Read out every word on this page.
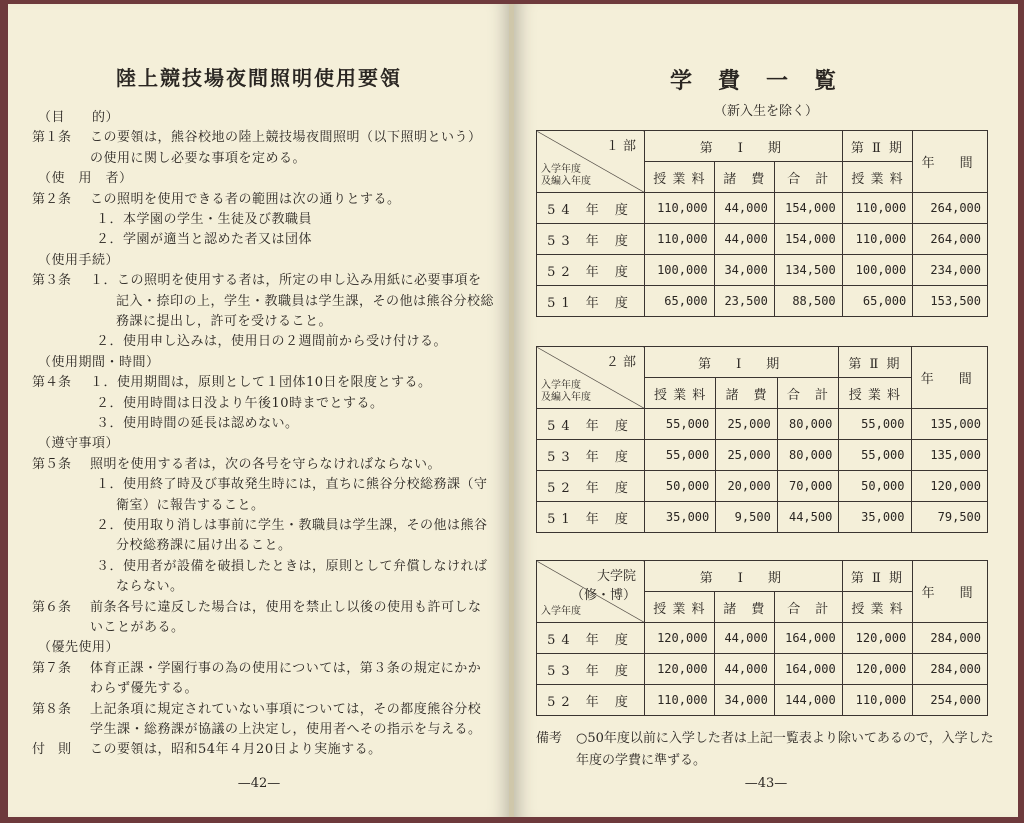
陸上競技場夜間照明使用要領
（目　　的）
第１条 この要領は，熊谷校地の陸上競技場夜間照明（以下照明という）
の使用に関し必要な事項を定める。
（使　用　者）
第２条 この照明を使用できる者の範囲は次の通りとする。
１．本学園の学生・生徒及び教職員
２．学園が適当と認めた者又は団体
（使用手続）
第３条 １．この照明を使用する者は，所定の申し込み用紙に必要事項を
記入・捺印の上，学生・教職員は学生課，その他は熊谷分校総
務課に提出し，許可を受けること。
２．使用申し込みは，使用日の２週間前から受け付ける。
（使用期間・時間）
第４条 １．使用期間は，原則として１団体10日を限度とする。
２．使用時間は日没より午後10時までとする。
３．使用時間の延長は認めない。
（遵守事項）
第５条 照明を使用する者は，次の各号を守らなければならない。
１．使用終了時及び事故発生時には，直ちに熊谷分校総務課（守
衛室）に報告すること。
２．使用取り消しは事前に学生・教職員は学生課，その他は熊谷
分校総務課に届け出ること。
３．使用者が設備を破損したときは，原則として弁償しなければ
ならない。
第６条 前条各号に違反した場合は，使用を禁止し以後の使用も許可しな
いことがある。
（優先使用）
第７条 体育正課・学園行事の為の使用については，第３条の規定にかか
わらず優先する。
第８条 上記条項に規定されていない事項については，その都度熊谷分校
学生課・総務課が協議の上決定し，使用者へその指示を与える。
付　則 この要領は，昭和54年４月20日より実施する。
—42—
学費一覧
（新入生を除く）
１ 部
入学年度
及編入年度	第　Ⅰ　期			第 Ⅱ 期	年　間
	授 業 料	諸　費	合　計	授 業 料	
54 年 度	110,000	44,000	154,000	110,000	264,000
53 年 度	110,000	44,000	154,000	110,000	264,000
52 年 度	100,000	34,000	134,500	100,000	234,000
51 年 度	65,000	23,500	88,500	65,000	153,500
２ 部
入学年度
及編入年度	第　Ⅰ　期			第 Ⅱ 期	年　間
	授 業 料	諸　費	合　計	授 業 料	
54 年 度	55,000	25,000	80,000	55,000	135,000
53 年 度	55,000	25,000	80,000	55,000	135,000
52 年 度	50,000	20,000	70,000	50,000	120,000
51 年 度	35,000	9,500	44,500	35,000	79,500
大学院
（修・博）
入学年度	第　Ⅰ　期			第 Ⅱ 期	年　間
	授 業 料	諸　費	合　計	授 業 料	
54 年 度	120,000	44,000	164,000	120,000	284,000
53 年 度	120,000	44,000	164,000	120,000	284,000
52 年 度	110,000	34,000	144,000	110,000	254,000
備考 ○50年度以前に入学した者は上記一覧表より除いてあるので，入学した年度の学費に準ずる。
—43—
